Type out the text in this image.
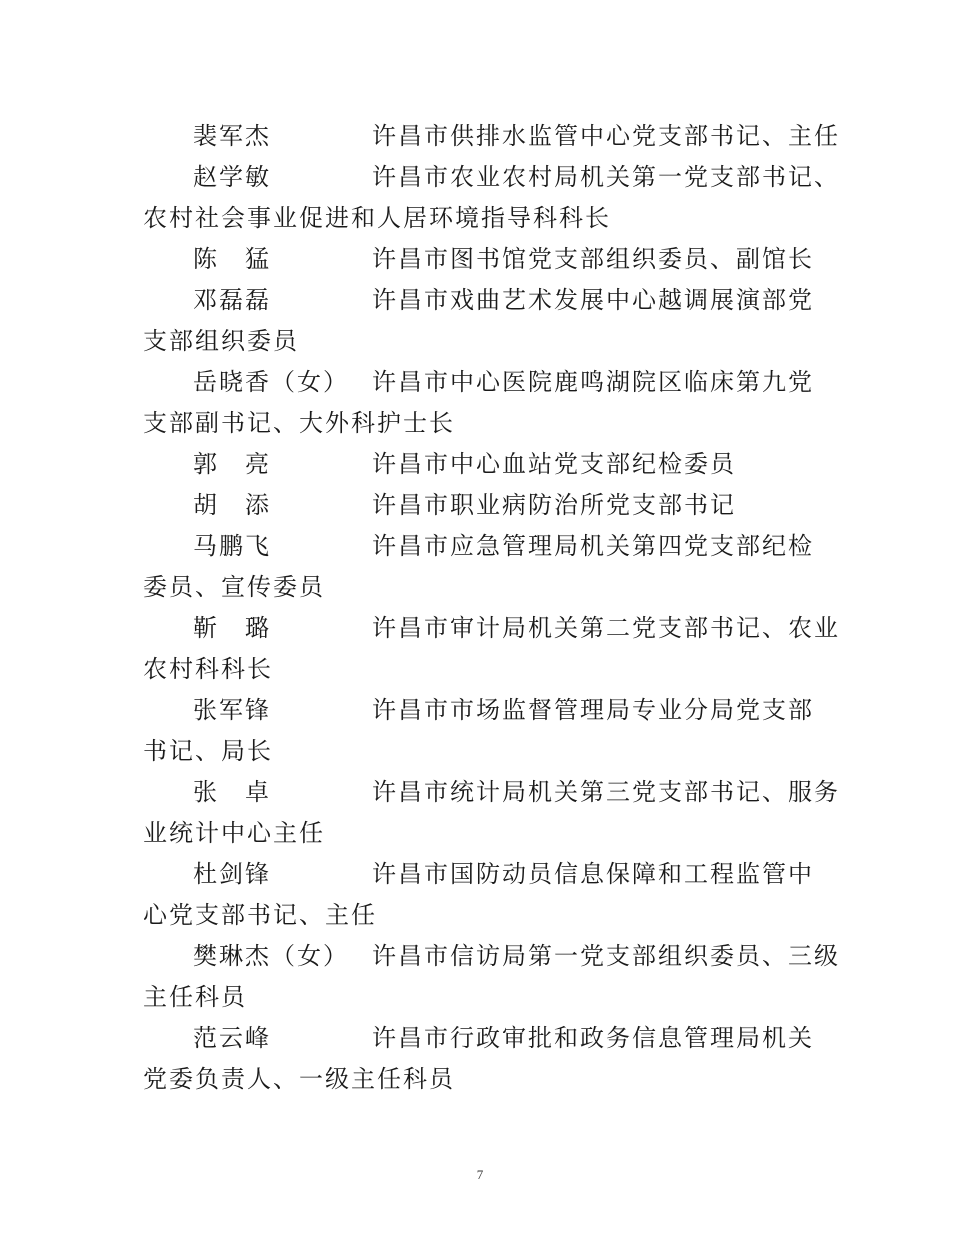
裴军杰	许昌市供排水监管中心党支部书记、主任
赵学敏	许昌市农业农村局机关第一党支部书记、
农村社会事业促进和人居环境指导科科长
陈　猛	许昌市图书馆党支部组织委员、副馆长
邓磊磊	许昌市戏曲艺术发展中心越调展演部党
支部组织委员
岳晓香（女） 许昌市中心医院鹿鸣湖院区临床第九党
支部副书记、大外科护士长
郭　亮	许昌市中心血站党支部纪检委员
胡　添	许昌市职业病防治所党支部书记
马鹏飞	许昌市应急管理局机关第四党支部纪检
委员、宣传委员
靳　璐	许昌市审计局机关第二党支部书记、农业
农村科科长
张军锋	许昌市市场监督管理局专业分局党支部
书记、局长
张　卓	许昌市统计局机关第三党支部书记、服务
业统计中心主任
杜剑锋	许昌市国防动员信息保障和工程监管中
心党支部书记、主任
樊琳杰（女） 许昌市信访局第一党支部组织委员、三级
主任科员
范云峰	许昌市行政审批和政务信息管理局机关
党委负责人、一级主任科员
7
